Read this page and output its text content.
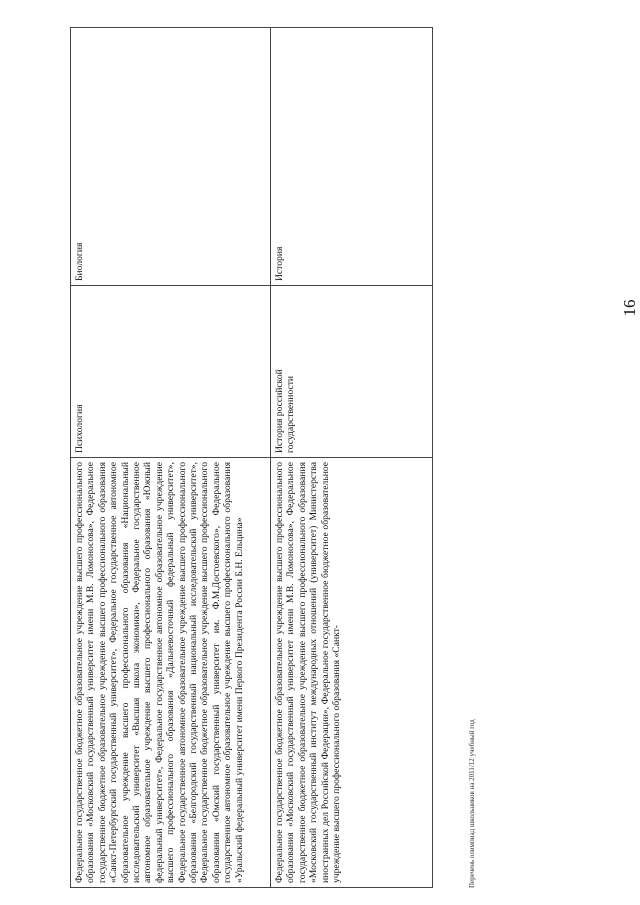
Федеральное государственное бюджетное образовательное учреждение высшего профессионального образования «Московский государственный университет имени М.В. Ломоносова», Федеральное государственное бюджетное образовательное учреждение высшего профессионального образования «Санкт-Петербургский государственный университет», Федеральное государственное автономное образовательное учреждение высшего профессионального образования «Национальный исследовательский университет «Высшая школа экономики», Федеральное государственное автономное образовательное учреждение высшего профессионального образования «Южный федеральный университет», Федеральное государственное автономное образовательное учреждение высшего профессионального образования «Дальневосточный федеральный университет», Федеральное государственное автономное образовательное учреждение высшего профессионального образования «Белгородский государственный национальный исследовательский университет», Федеральное государственное бюджетное образовательное учреждение высшего профессионального образования «Омский государственный университет им. Ф.М.Достоевского», Федеральное государственное автономное образовательное учреждение высшего профессионального образования «Уральский федеральный университет имени Первого Президента России Б.Н. Ельцина»	Психология	Биология

Федеральное государственное бюджетное образовательное учреждение высшего профессионального образования «Московский государственный университет имени М.В. Ломоносова», Федеральное государственное бюджетное образовательное учреждение высшего профессионального образования «Московский государственный институт международных отношений (университет) Министерства иностранных дел Российской Федерации», Федеральное государственное бюджетное образовательное учреждение высшего профессионального образования «Санкт-	История российской государственности	История
Перечень олимпиад школьников на 2011/12 учебный год
16
